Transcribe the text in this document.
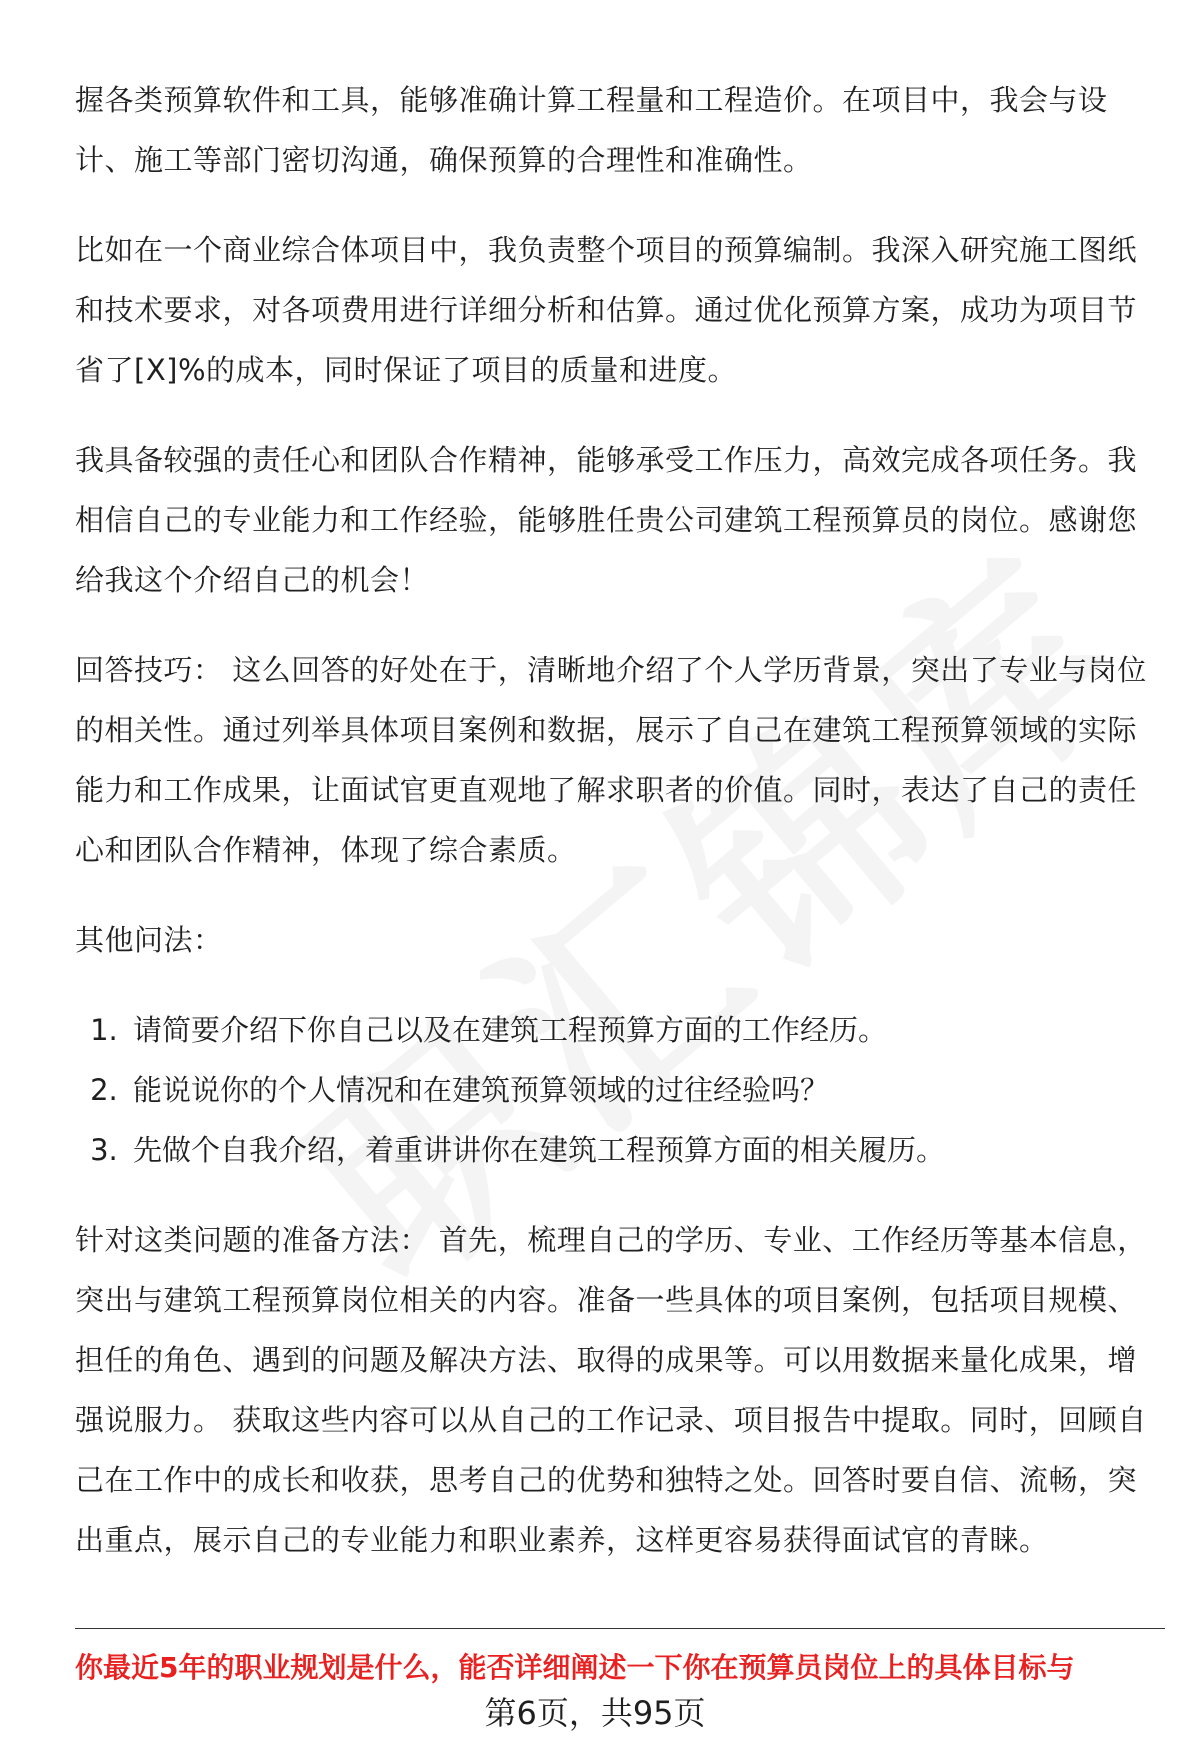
握各类预算软件和工具，能够准确计算工程量和工程造价。在项目中，我会与设计、施工等部门密切沟通，确保预算的合理性和准确性。

比如在一个商业综合体项目中，我负责整个项目的预算编制。我深入研究施工图纸和技术要求，对各项费用进行详细分析和估算。通过优化预算方案，成功为项目节省了[X]%的成本，同时保证了项目的质量和进度。

我具备较强的责任心和团队合作精神，能够承受工作压力，高效完成各项任务。我相信自己的专业能力和工作经验，能够胜任贵公司建筑工程预算员的岗位。感谢您给我这个介绍自己的机会！

回答技巧： 这么回答的好处在于，清晰地介绍了个人学历背景，突出了专业与岗位的相关性。通过列举具体项目案例和数据，展示了自己在建筑工程预算领域的实际能力和工作成果，让面试官更直观地了解求职者的价值。同时，表达了自己的责任心和团队合作精神，体现了综合素质。

其他问法：

1. 请简要介绍下你自己以及在建筑工程预算方面的工作经历。
2. 能说说你的个人情况和在建筑预算领域的过往经验吗？
3. 先做个自我介绍，着重讲讲你在建筑工程预算方面的相关履历。

针对这类问题的准备方法： 首先，梳理自己的学历、专业、工作经历等基本信息，突出与建筑工程预算岗位相关的内容。准备一些具体的项目案例，包括项目规模、担任的角色、遇到的问题及解决方法、取得的成果等。可以用数据来量化成果，增强说服力。 获取这些内容可以从自己的工作记录、项目报告中提取。同时，回顾自己在工作中的成长和收获，思考自己的优势和独特之处。回答时要自信、流畅，突出重点，展示自己的专业能力和职业素养，这样更容易获得面试官的青睐。

你最近5年的职业规划是什么，能否详细阐述一下你在预算员岗位上的具体目标与
第6页，共95页
